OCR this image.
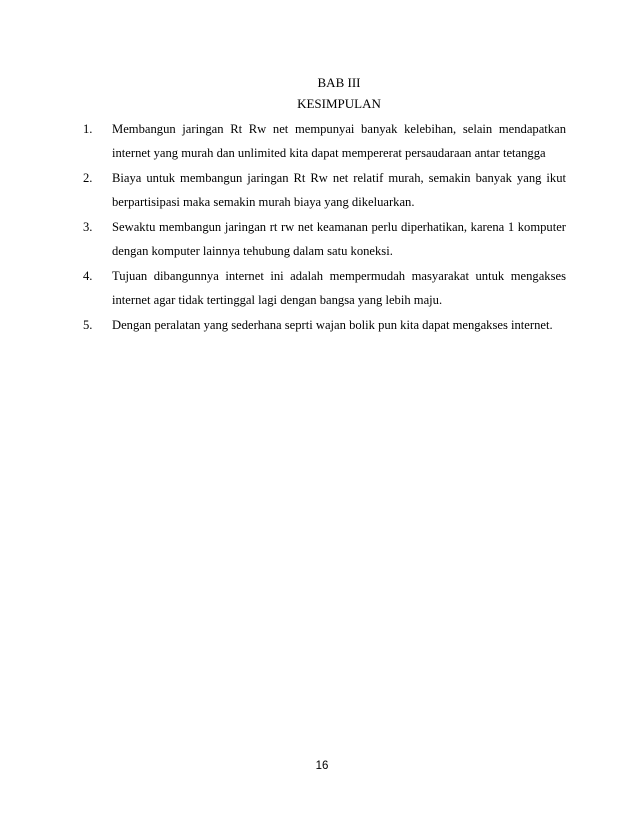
BAB III
KESIMPULAN
1. Membangun jaringan Rt Rw net mempunyai banyak kelebihan, selain mendapatkan internet yang murah dan unlimited kita dapat mempererat persaudaraan antar tetangga
2. Biaya untuk membangun jaringan Rt Rw net relatif murah, semakin banyak yang ikut berpartisipasi maka semakin murah biaya yang dikeluarkan.
3. Sewaktu membangun jaringan rt rw net keamanan perlu diperhatikan, karena 1 komputer dengan komputer lainnya tehubung dalam satu koneksi.
4. Tujuan dibangunnya internet ini adalah mempermudah masyarakat untuk mengakses internet agar tidak tertinggal lagi dengan bangsa yang lebih maju.
5. Dengan peralatan yang sederhana seprti wajan bolik pun kita dapat mengakses internet.
16
